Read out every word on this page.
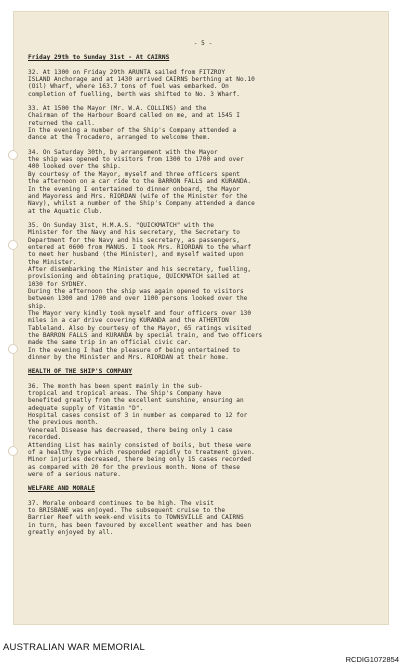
- 5 -
Friday 29th to Sunday 31st - At CAIRNS
32. At 1300 on Friday 29th ARUNTA sailed from FITZROY
ISLAND Anchorage and at 1430 arrived CAIRNS berthing at No.10
(Oil) Wharf, where 163.7 tons of fuel was embarked. On
completion of fuelling, berth was shifted to No. 3 Wharf.
33. At 1500 the Mayor (Mr. W.A. COLLINS) and the
Chairman of the Harbour Board called on me, and at 1545 I
returned the call.
In the evening a number of the Ship's Company attended a
dance at the Trocadero, arranged to welcome them.
34. On Saturday 30th, by arrangement with the Mayor
the ship was opened to visitors from 1300 to 1700 and over
400 looked over the ship.
By courtesy of the Mayor, myself and three officers spent
the afternoon on a car ride to the BARRON FALLS and KURANDA.
In the evening I entertained to dinner onboard, the Mayor
and Mayoress and Mrs. RIORDAN (wife of the Minister for the
Navy), whilst a number of the Ship's Company attended a dance
at the Aquatic Club.
35. On Sunday 31st, H.M.A.S. "QUICKMATCH" with the
Minister for the Navy and his secretary, the Secretary to
Department for the Navy and his secretary, as passengers,
entered at 0600 from MANUS. I took Mrs. RIORDAN to the wharf
to meet her husband (the Minister), and myself waited upon
the Minister.
After disembarking the Minister and his secretary, fuelling,
provisioning and obtaining pratique, QUICKMATCH sailed at
1030 for SYDNEY.
During the afternoon the ship was again opened to visitors
between 1300 and 1700 and over 1100 persons looked over the
ship.
The Mayor very kindly took myself and four officers over 130
miles in a car drive covering KURANDA and the ATHERTON
Tableland. Also by courtesy of the Mayor, 65 ratings visited
the BARRON FALLS and KURANDA by special train, and two officers
made the same trip in an official civic car.
In the evening I had the pleasure of being entertained to
dinner by the Minister and Mrs. RIORDAN at their home.
HEALTH OF THE SHIP'S COMPANY
36. The month has been spent mainly in the sub-
tropical and tropical areas. The Ship's Company have
benefited greatly from the excellent sunshine, ensuring an
adequate supply of Vitamin "D".
Hospital cases consist of 3 in number as compared to 12 for
the previous month.
Venereal Disease has decreased, there being only 1 case
recorded.
Attending List has mainly consisted of boils, but these were
of a healthy type which responded rapidly to treatment given.
Minor injuries decreased, there being only 15 cases recorded
as compared with 20 for the previous month. None of these
were of a serious nature.
WELFARE AND MORALE
37. Morale onboard continues to be high. The visit
to BRISBANE was enjoyed. The subsequent cruise to the
Barrier Reef with week-end visits to TOWNSVILLE and CAIRNS
in turn, has been favoured by excellent weather and has been
greatly enjoyed by all.
AUSTRALIAN WAR MEMORIAL
RCDIG1072854
